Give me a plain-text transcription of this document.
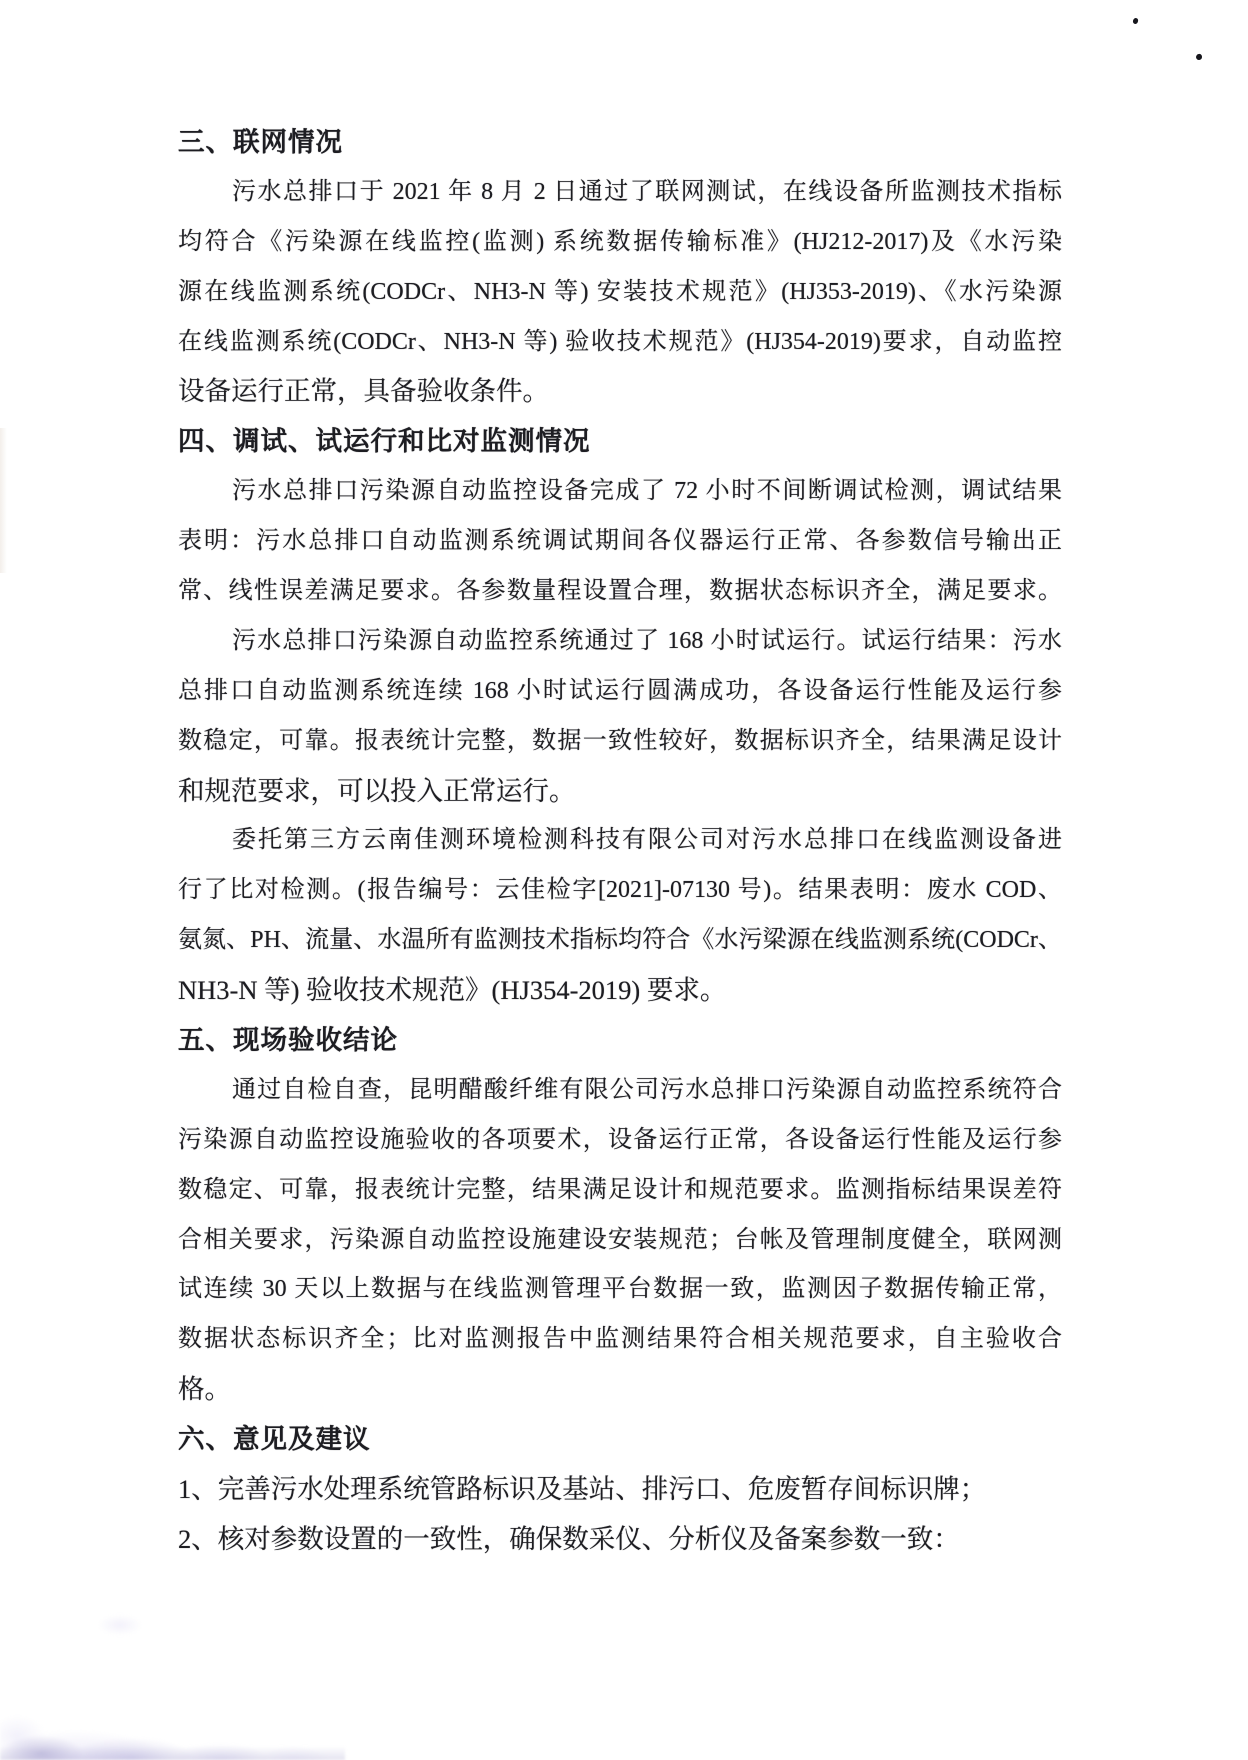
三、联网情况
污水总排口于 2021 年 8 月 2 日通过了联网测试，在线设备所监测技术指标
均符合《污染源在线监控(监测) 系统数据传输标准》(HJ212-2017)及《水污染
源在线监测系统(CODCr、NH3-N 等) 安装技术规范》(HJ353-2019)、《水污染源
在线监测系统(CODCr、NH3-N 等) 验收技术规范》(HJ354-2019)要求，自动监控
设备运行正常，具备验收条件。
四、调试、试运行和比对监测情况
污水总排口污染源自动监控设备完成了 72 小时不间断调试检测，调试结果
表明：污水总排口自动监测系统调试期间各仪器运行正常、各参数信号输出正
常、线性误差满足要求。各参数量程设置合理，数据状态标识齐全，满足要求。
污水总排口污染源自动监控系统通过了 168 小时试运行。试运行结果：污水
总排口自动监测系统连续 168 小时试运行圆满成功，各设备运行性能及运行参
数稳定，可靠。报表统计完整，数据一致性较好，数据标识齐全，结果满足设计
和规范要求，可以投入正常运行。
委托第三方云南佳测环境检测科技有限公司对污水总排口在线监测设备进
行了比对检测。(报告编号：云佳检字[2021]-07130 号)。结果表明：废水 COD、
氨氮、PH、流量、水温所有监测技术指标均符合《水污梁源在线监测系统(CODCr、
NH3-N 等) 验收技术规范》(HJ354-2019) 要求。
五、现场验收结论
通过自检自查，昆明醋酸纤维有限公司污水总排口污染源自动监控系统符合
污染源自动监控设施验收的各项要术，设备运行正常，各设备运行性能及运行参
数稳定、可靠，报表统计完整，结果满足设计和规范要求。监测指标结果误差符
合相关要求，污染源自动监控设施建设安装规范；台帐及管理制度健全，联网测
试连续 30 天以上数据与在线监测管理平台数据一致，监测因子数据传输正常，
数据状态标识齐全；比对监测报告中监测结果符合相关规范要求，自主验收合
格。
六、意见及建议
1、完善污水处理系统管路标识及基站、排污口、危废暂存间标识牌；
2、核对参数设置的一致性，确保数采仪、分析仪及备案参数一致：
